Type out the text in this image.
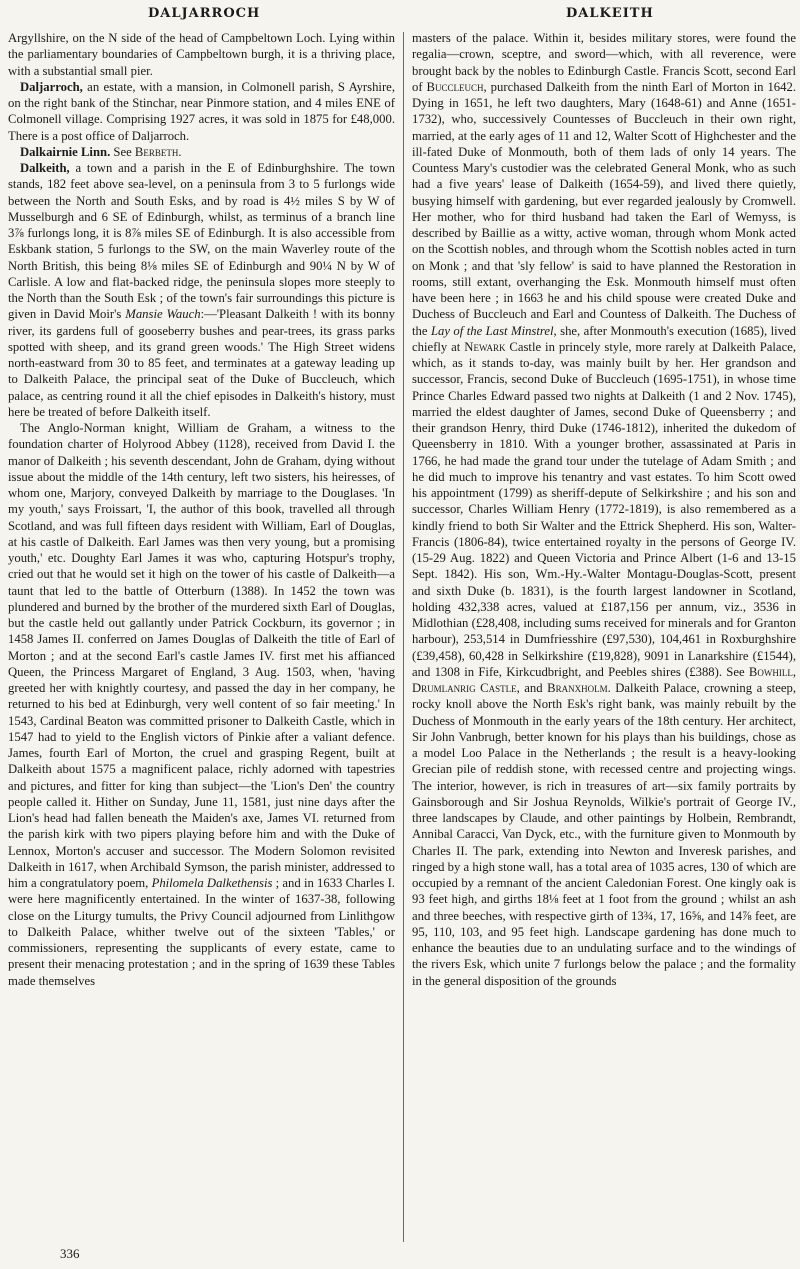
DALJARROCH	DALKEITH

Argyllshire, on the N side of the head of Campbeltown Loch. Lying within the parliamentary boundaries of Campbeltown burgh, it is a thriving place, with a substantial small pier.

Daljarroch, an estate, with a mansion, in Colmonell parish, S Ayrshire, on the right bank of the Stinchar, near Pinmore station, and 4 miles ENE of Colmonell village. Comprising 1927 acres, it was sold in 1875 for £48,000. There is a post office of Daljarroch.

Dalkairnie Linn. See Berbeth.

Dalkeith, a town and a parish in the E of Edinburghshire. The town stands, 182 feet above sea-level, on a peninsula from 3 to 5 furlongs wide between the North and South Esks, and by road is 4½ miles S by W of Musselburgh and 6 SE of Edinburgh, whilst, as terminus of a branch line 3⅞ furlongs long, it is 8⅞ miles SE of Edinburgh. It is also accessible from Eskbank station, 5 furlongs to the SW, on the main Waverley route of the North British, this being 8⅛ miles SE of Edinburgh and 90¼ N by W of Carlisle. A low and flat-backed ridge, the peninsula slopes more steeply to the North than the South Esk ; of the town's fair surroundings this picture is given in David Moir's Mansie Wauch:—'Pleasant Dalkeith ! with its bonny river, its gardens full of gooseberry bushes and pear-trees, its grass parks spotted with sheep, and its grand green woods.' The High Street widens north-eastward from 30 to 85 feet, and terminates at a gateway leading up to Dalkeith Palace, the principal seat of the Duke of Buccleuch, which palace, as centring round it all the chief episodes in Dalkeith's history, must here be treated of before Dalkeith itself.

The Anglo-Norman knight, William de Graham, a witness to the foundation charter of Holyrood Abbey (1128), received from David I. the manor of Dalkeith ; his seventh descendant, John de Graham, dying without issue about the middle of the 14th century, left two sisters, his heiresses, of whom one, Marjory, conveyed Dalkeith by marriage to the Douglases. 'In my youth,' says Froissart, 'I, the author of this book, travelled all through Scotland, and was full fifteen days resident with William, Earl of Douglas, at his castle of Dalkeith. Earl James was then very young, but a promising youth,' etc. Doughty Earl James it was who, capturing Hotspur's trophy, cried out that he would set it high on the tower of his castle of Dalkeith—a taunt that led to the battle of Otterburn (1388). In 1452 the town was plundered and burned by the brother of the murdered sixth Earl of Douglas, but the castle held out gallantly under Patrick Cockburn, its governor ; in 1458 James II. conferred on James Douglas of Dalkeith the title of Earl of Morton ; and at the second Earl's castle James IV. first met his affianced Queen, the Princess Margaret of England, 3 Aug. 1503, when, 'having greeted her with knightly courtesy, and passed the day in her company, he returned to his bed at Edinburgh, very well content of so fair meeting.' In 1543, Cardinal Beaton was committed prisoner to Dalkeith Castle, which in 1547 had to yield to the English victors of Pinkie after a valiant defence. James, fourth Earl of Morton, the cruel and grasping Regent, built at Dalkeith about 1575 a magnificent palace, richly adorned with tapestries and pictures, and fitter for king than subject—the 'Lion's Den' the country people called it. Hither on Sunday, June 11, 1581, just nine days after the Lion's head had fallen beneath the Maiden's axe, James VI. returned from the parish kirk with two pipers playing before him and with the Duke of Lennox, Morton's accuser and successor. The Modern Solomon revisited Dalkeith in 1617, when Archibald Symson, the parish minister, addressed to him a congratulatory poem, Philomela Dalkethensis ; and in 1633 Charles I. were here magnificently entertained. In the winter of 1637-38, following close on the Liturgy tumults, the Privy Council adjourned from Linlithgow to Dalkeith Palace, whither twelve out of the sixteen 'Tables,' or commissioners, representing the supplicants of every estate, came to present their menacing protestation ; and in the spring of 1639 these Tables made themselves

masters of the palace. Within it, besides military stores, were found the regalia—crown, sceptre, and sword—which, with all reverence, were brought back by the nobles to Edinburgh Castle. Francis Scott, second Earl of Buccleuch, purchased Dalkeith from the ninth Earl of Morton in 1642. Dying in 1651, he left two daughters, Mary (1648-61) and Anne (1651-1732), who, successively Countesses of Buccleuch in their own right, married, at the early ages of 11 and 12, Walter Scott of Highchester and the ill-fated Duke of Monmouth, both of them lads of only 14 years. The Countess Mary's custodier was the celebrated General Monk, who as such had a five years' lease of Dalkeith (1654-59), and lived there quietly, busying himself with gardening, but ever regarded jealously by Cromwell. Her mother, who for third husband had taken the Earl of Wemyss, is described by Baillie as a witty, active woman, through whom Monk acted on the Scottish nobles, and through whom the Scottish nobles acted in turn on Monk ; and that 'sly fellow' is said to have planned the Restoration in rooms, still extant, overhanging the Esk. Monmouth himself must often have been here ; in 1663 he and his child spouse were created Duke and Duchess of Buccleuch and Earl and Countess of Dalkeith. The Duchess of the Lay of the Last Minstrel, she, after Monmouth's execution (1685), lived chiefly at Newark Castle in princely style, more rarely at Dalkeith Palace, which, as it stands to-day, was mainly built by her. Her grandson and successor, Francis, second Duke of Buccleuch (1695-1751), in whose time Prince Charles Edward passed two nights at Dalkeith (1 and 2 Nov. 1745), married the eldest daughter of James, second Duke of Queensberry ; and their grandson Henry, third Duke (1746-1812), inherited the dukedom of Queensberry in 1810. With a younger brother, assassinated at Paris in 1766, he had made the grand tour under the tutelage of Adam Smith ; and he did much to improve his tenantry and vast estates. To him Scott owed his appointment (1799) as sheriff-depute of Selkirkshire ; and his son and successor, Charles William Henry (1772-1819), is also remembered as a kindly friend to both Sir Walter and the Ettrick Shepherd. His son, Walter-Francis (1806-84), twice entertained royalty in the persons of George IV. (15-29 Aug. 1822) and Queen Victoria and Prince Albert (1-6 and 13-15 Sept. 1842). His son, Wm.-Hy.-Walter Montagu-Douglas-Scott, present and sixth Duke (b. 1831), is the fourth largest landowner in Scotland, holding 432,338 acres, valued at £187,156 per annum, viz., 3536 in Midlothian (£28,408, including sums received for minerals and for Granton harbour), 253,514 in Dumfriesshire (£97,530), 104,461 in Roxburghshire (£39,458), 60,428 in Selkirkshire (£19,828), 9091 in Lanarkshire (£1544), and 1308 in Fife, Kirkcudbright, and Peebles shires (£388). See Bowhill, Drumlanrig Castle, and Branxholm. Dalkeith Palace, crowning a steep, rocky knoll above the North Esk's right bank, was mainly rebuilt by the Duchess of Monmouth in the early years of the 18th century. Her architect, Sir John Vanbrugh, better known for his plays than his buildings, chose as a model Loo Palace in the Netherlands ; the result is a heavy-looking Grecian pile of reddish stone, with recessed centre and projecting wings. The interior, however, is rich in treasures of art—six family portraits by Gainsborough and Sir Joshua Reynolds, Wilkie's portrait of George IV., three landscapes by Claude, and other paintings by Holbein, Rembrandt, Annibal Caracci, Van Dyck, etc., with the furniture given to Monmouth by Charles II. The park, extending into Newton and Inveresk parishes, and ringed by a high stone wall, has a total area of 1035 acres, 130 of which are occupied by a remnant of the ancient Caledonian Forest. One kingly oak is 93 feet high, and girths 18⅛ feet at 1 foot from the ground ; whilst an ash and three beeches, with respective girth of 13¾, 17, 16⅝, and 14⅞ feet, are 95, 110, 103, and 95 feet high. Landscape gardening has done much to enhance the beauties due to an undulating surface and to the windings of the rivers Esk, which unite 7 furlongs below the palace ; and the formality in the general disposition of the grounds

336
